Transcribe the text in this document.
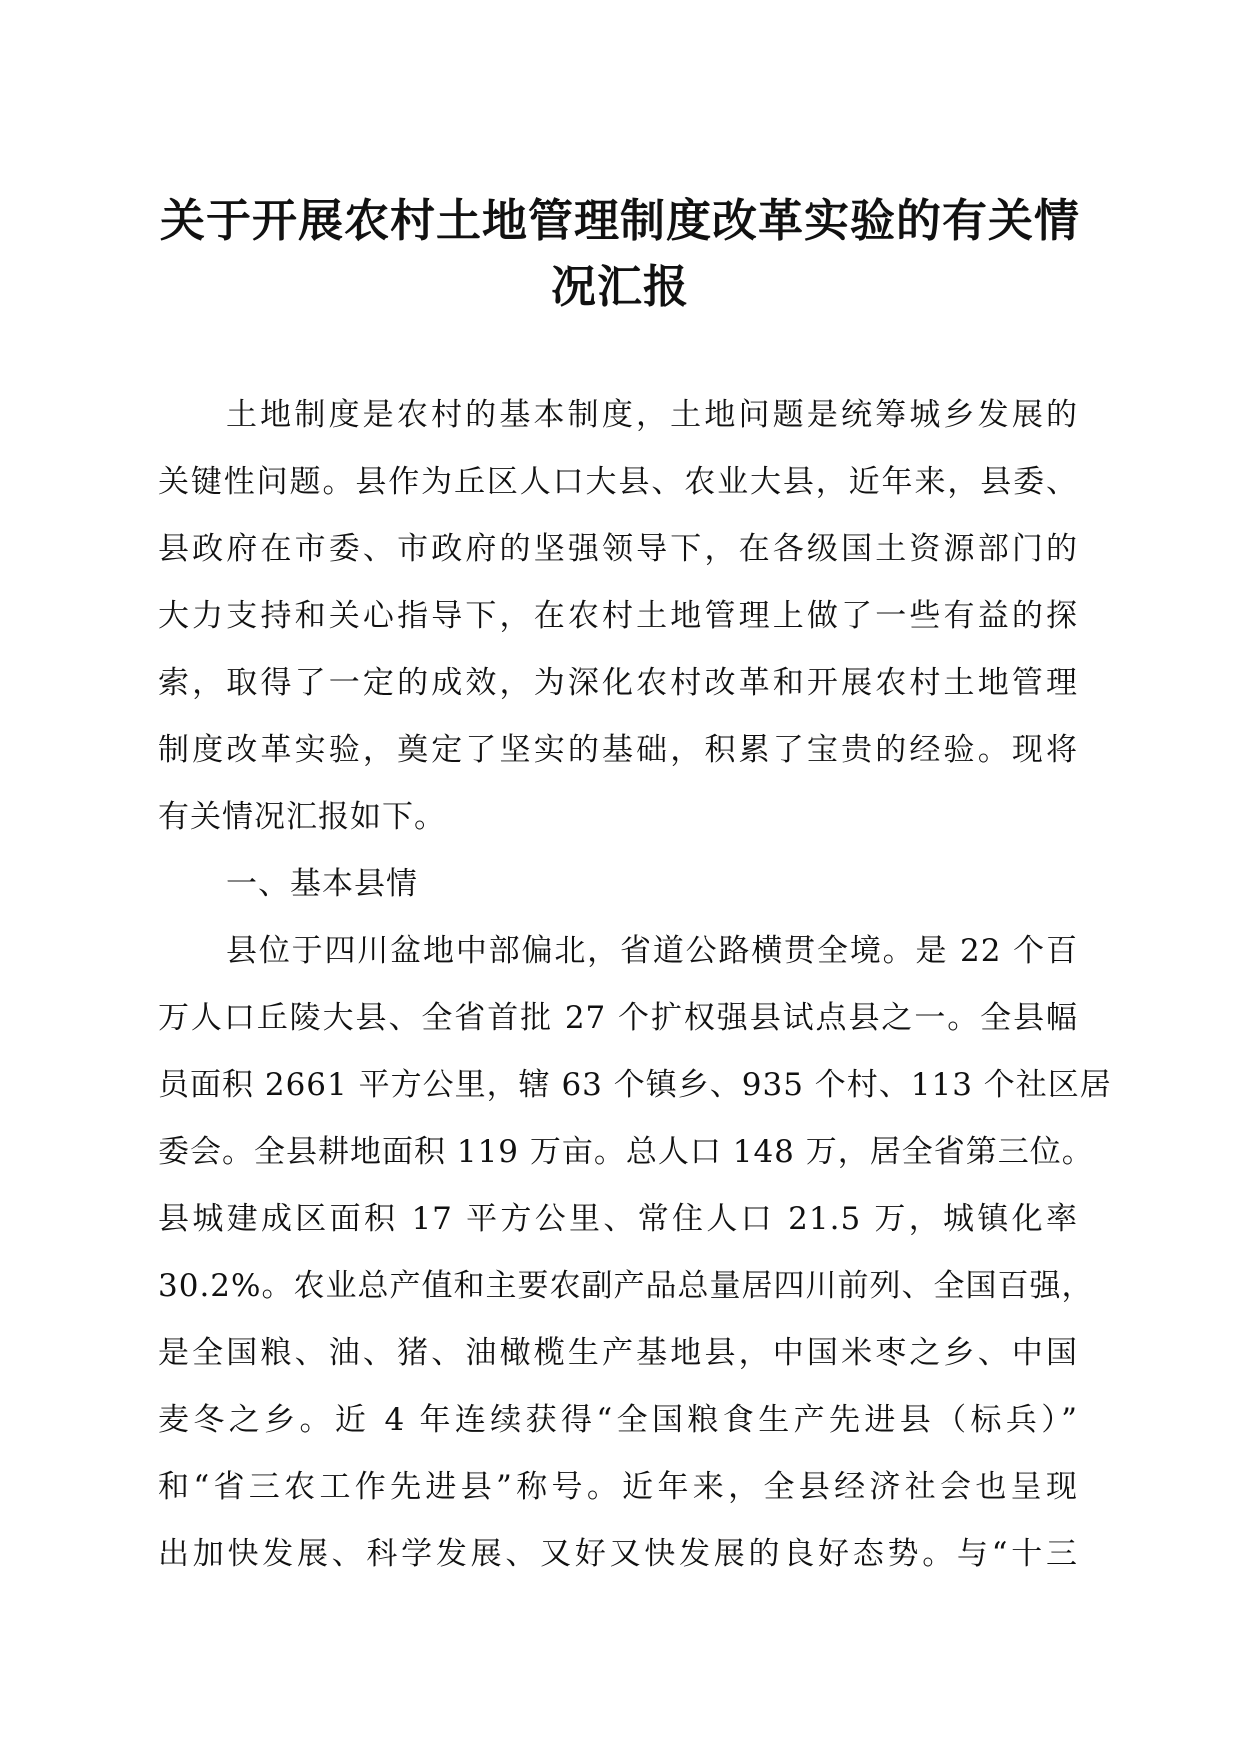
关于开展农村土地管理制度改革实验的有关情
况汇报
土地制度是农村的基本制度，土地问题是统筹城乡发展的
关键性问题。县作为丘区人口大县、农业大县，近年来，县委、
县政府在市委、市政府的坚强领导下，在各级国土资源部门的
大力支持和关心指导下，在农村土地管理上做了一些有益的探
索，取得了一定的成效，为深化农村改革和开展农村土地管理
制度改革实验，奠定了坚实的基础，积累了宝贵的经验。现将
有关情况汇报如下。
一、基本县情
县位于四川盆地中部偏北，省道公路横贯全境。是 22 个百
万人口丘陵大县、全省首批 27 个扩权强县试点县之一。全县幅
员面积 2661 平方公里，辖 63 个镇乡、935 个村、113 个社区居
委会。全县耕地面积 119 万亩。总人口 148 万，居全省第三位。
县城建成区面积 17 平方公里、常住人口 21.5 万，城镇化率
30.2%。农业总产值和主要农副产品总量居四川前列、全国百强，
是全国粮、油、猪、油橄榄生产基地县，中国米枣之乡、中国
麦冬之乡。近 4 年连续获得“全国粮食生产先进县（标兵）”
和“省三农工作先进县”称号。近年来，全县经济社会也呈现
出加快发展、科学发展、又好又快发展的良好态势。与“十三
